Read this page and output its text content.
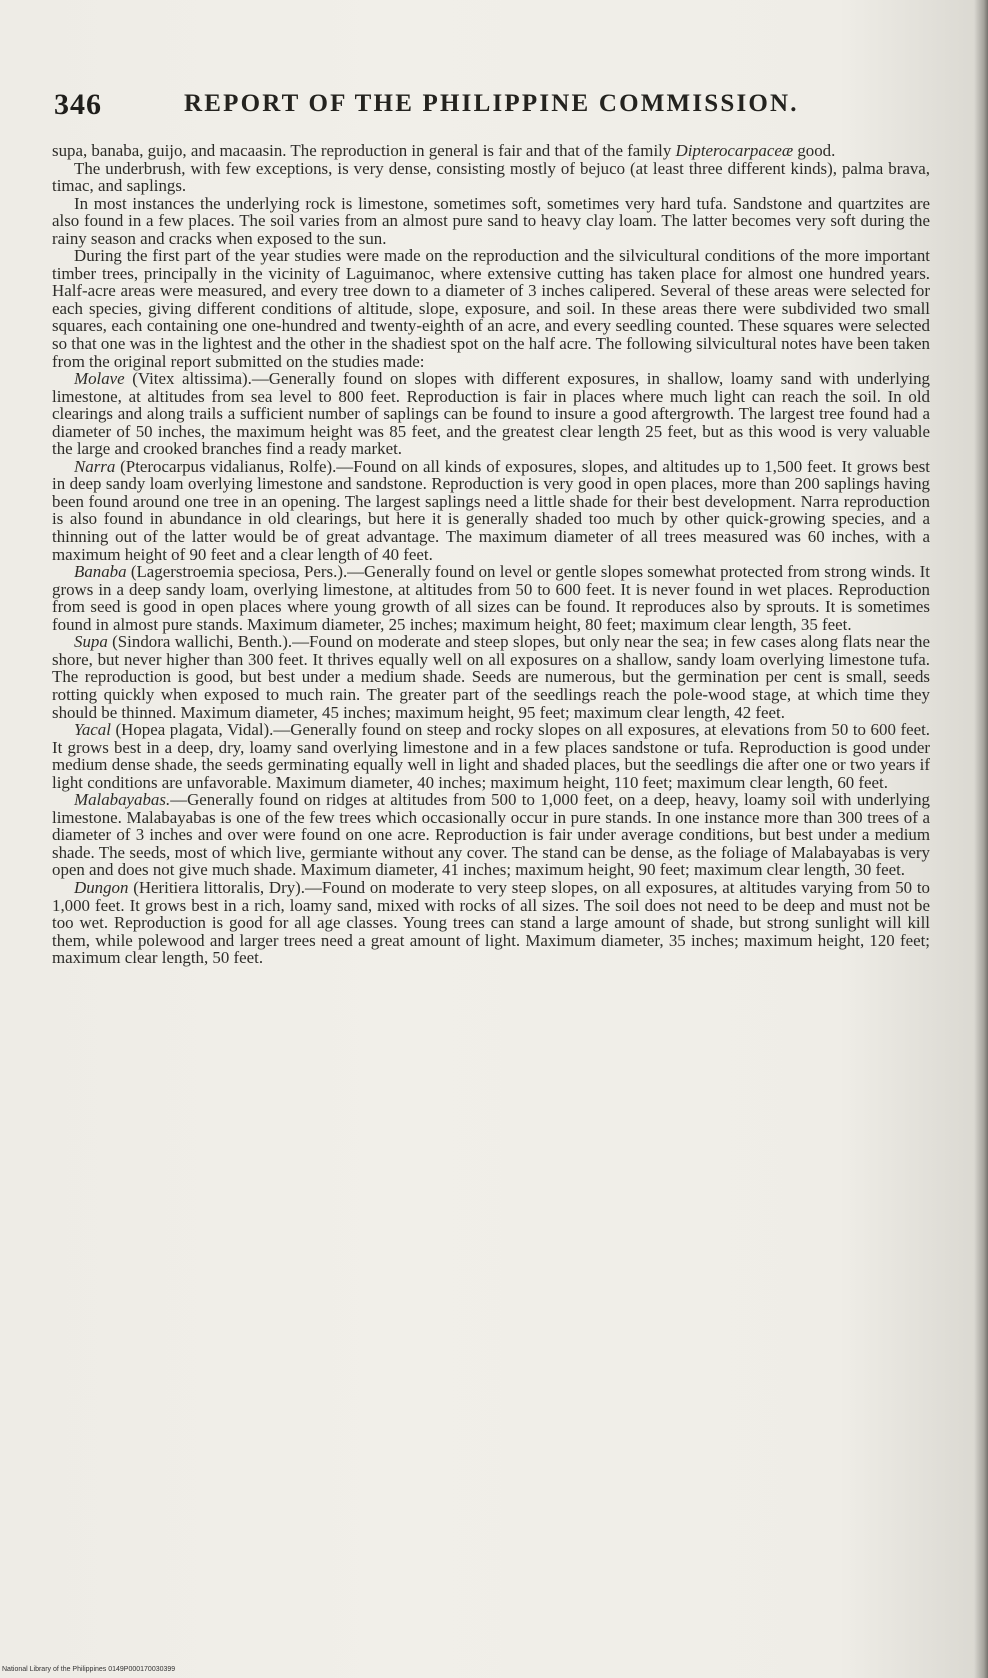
346	REPORT OF THE PHILIPPINE COMMISSION.

supa, banaba, guijo, and macaasin. The reproduction in general is fair and that of the family Dipterocarpaceæ good.

The underbrush, with few exceptions, is very dense, consisting mostly of bejuco (at least three different kinds), palma brava, timac, and saplings.

In most instances the underlying rock is limestone, sometimes soft, sometimes very hard tufa. Sandstone and quartzites are also found in a few places. The soil varies from an almost pure sand to heavy clay loam. The latter becomes very soft during the rainy season and cracks when exposed to the sun.

During the first part of the year studies were made on the reproduction and the silvicultural conditions of the more important timber trees, principally in the vicinity of Laguimanoc, where extensive cutting has taken place for almost one hundred years. Half-acre areas were measured, and every tree down to a diameter of 3 inches calipered. Several of these areas were selected for each species, giving different conditions of altitude, slope, exposure, and soil. In these areas there were subdivided two small squares, each containing one one-hundred and twenty-eighth of an acre, and every seedling counted. These squares were selected so that one was in the lightest and the other in the shadiest spot on the half acre. The following silvicultural notes have been taken from the original report submitted on the studies made:

Molave (Vitex altissima).—Generally found on slopes with different exposures, in shallow, loamy sand with underlying limestone, at altitudes from sea level to 800 feet. Reproduction is fair in places where much light can reach the soil. In old clearings and along trails a sufficient number of saplings can be found to insure a good aftergrowth. The largest tree found had a diameter of 50 inches, the maximum height was 85 feet, and the greatest clear length 25 feet, but as this wood is very valuable the large and crooked branches find a ready market.

Narra (Pterocarpus vidalianus, Rolfe).—Found on all kinds of exposures, slopes, and altitudes up to 1,500 feet. It grows best in deep sandy loam overlying limestone and sandstone. Reproduction is very good in open places, more than 200 saplings having been found around one tree in an opening. The largest saplings need a little shade for their best development. Narra reproduction is also found in abundance in old clearings, but here it is generally shaded too much by other quick-growing species, and a thinning out of the latter would be of great advantage. The maximum diameter of all trees measured was 60 inches, with a maximum height of 90 feet and a clear length of 40 feet.

Banaba (Lagerstroemia speciosa, Pers.).—Generally found on level or gentle slopes somewhat protected from strong winds. It grows in a deep sandy loam, overlying limestone, at altitudes from 50 to 600 feet. It is never found in wet places. Reproduction from seed is good in open places where young growth of all sizes can be found. It reproduces also by sprouts. It is sometimes found in almost pure stands. Maximum diameter, 25 inches; maximum height, 80 feet; maximum clear length, 35 feet.

Supa (Sindora wallichi, Benth.).—Found on moderate and steep slopes, but only near the sea; in few cases along flats near the shore, but never higher than 300 feet. It thrives equally well on all exposures on a shallow, sandy loam overlying limestone tufa. The reproduction is good, but best under a medium shade. Seeds are numerous, but the germination per cent is small, seeds rotting quickly when exposed to much rain. The greater part of the seedlings reach the pole-wood stage, at which time they should be thinned. Maximum diameter, 45 inches; maximum height, 95 feet; maximum clear length, 42 feet.

Yacal (Hopea plagata, Vidal).—Generally found on steep and rocky slopes on all exposures, at elevations from 50 to 600 feet. It grows best in a deep, dry, loamy sand overlying limestone and in a few places sandstone or tufa. Reproduction is good under medium dense shade, the seeds germinating equally well in light and shaded places, but the seedlings die after one or two years if light conditions are unfavorable. Maximum diameter, 40 inches; maximum height, 110 feet; maximum clear length, 60 feet.

Malabayabas.—Generally found on ridges at altitudes from 500 to 1,000 feet, on a deep, heavy, loamy soil with underlying limestone. Malabayabas is one of the few trees which occasionally occur in pure stands. In one instance more than 300 trees of a diameter of 3 inches and over were found on one acre. Reproduction is fair under average conditions, but best under a medium shade. The seeds, most of which live, germiante without any cover. The stand can be dense, as the foliage of Malabayabas is very open and does not give much shade. Maximum diameter, 41 inches; maximum height, 90 feet; maximum clear length, 30 feet.

Dungon (Heritiera littoralis, Dry).—Found on moderate to very steep slopes, on all exposures, at altitudes varying from 50 to 1,000 feet. It grows best in a rich, loamy sand, mixed with rocks of all sizes. The soil does not need to be deep and must not be too wet. Reproduction is good for all age classes. Young trees can stand a large amount of shade, but strong sunlight will kill them, while polewood and larger trees need a great amount of light. Maximum diameter, 35 inches; maximum height, 120 feet; maximum clear length, 50 feet.

National Library of the Philippines 0149P000170030399
